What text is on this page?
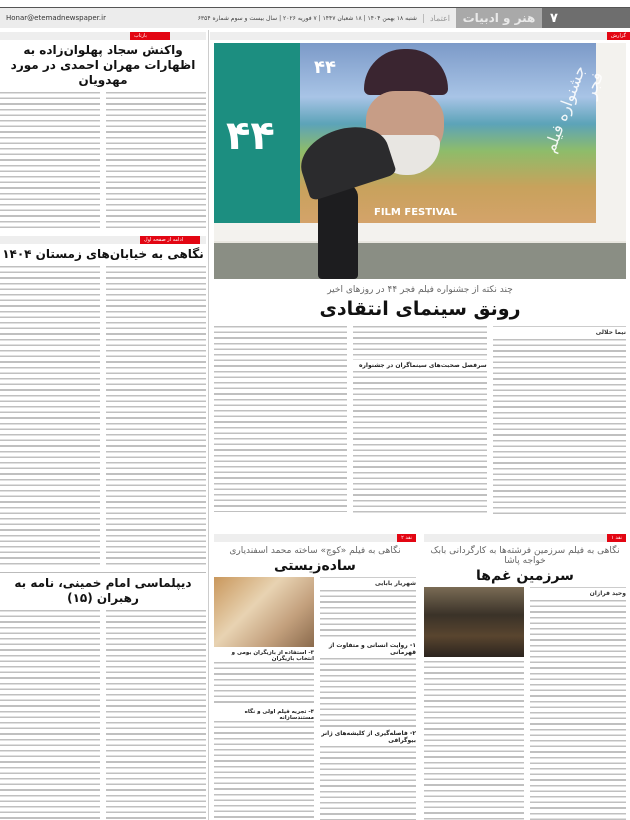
۷
هنر و ادبیات
Honar@etemadnewspaper.ir	شنبه ۱۸ بهمن ۱۴۰۴ | ۱۸ شعبان ۱۴۴۷ | ۷ فوریه ۲۰۲۶ | سال بیست و سوم شماره ۶۳۵۴	اعتماد
گزارش
۴۴
۴۴	جشنواره فیلم فجر
FILM FESTIVAL
چند نکته از جشنواره فیلم فجر ۴۴ در روزهای اخیر
رونق سینمای انتقادی
نیما حلالی
سرفصل صحبت‌های سینماگران در جشنواره
نقد ۱
نگاهی به فیلم سرزمین فرشته‌ها به کارگردانی بابک خواجه پاشا
سرزمین غم‌ها
وحید فرازان
نقد ۲
نگاهی به فیلم «کوچ» ساخته محمد اسفندیاری
ساده‌زیستی
شهریار بابایی
۱- روایت انسانی و متفاوت از قهرمانی
۲- فاصله‌گیری از کلیشه‌های ژانر بیوگرافی
۳- استفاده از بازیگران بومی و انتخاب بازیگران
۴- تجربه فیلم اولی و نگاه مستندسازانه
بازتاب
واکنش سجاد پهلوان‌زاده به اظهارات مهران احمدی در مورد مهدویان
ادامه از صفحه اول
نگاهی به خیابان‌های زمستان ۱۴۰۴
دیپلماسی امام خمینی، نامه به رهبران (۱۵)
